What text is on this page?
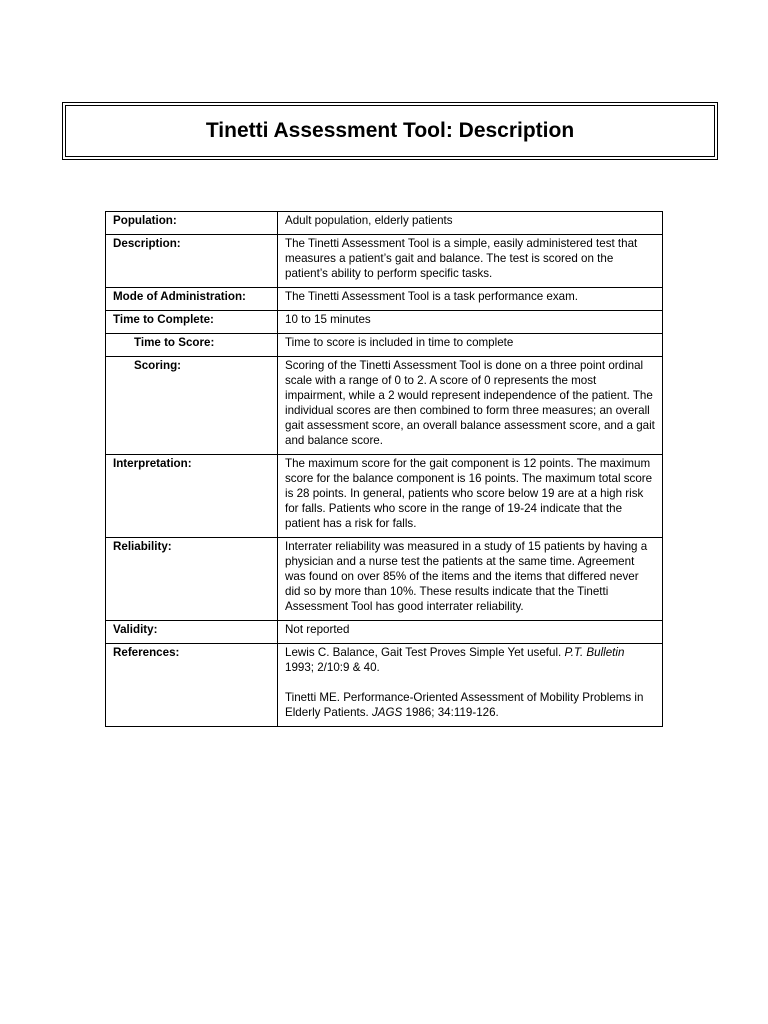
Tinetti Assessment Tool: Description
Population:	Adult population, elderly patients
Description:	The Tinetti Assessment Tool is a simple, easily administered test that measures a patient’s gait and balance. The test is scored on the patient’s ability to perform specific tasks.
Mode of Administration:	The Tinetti Assessment Tool is a task performance exam.
Time to Complete:	10 to 15 minutes
Time to Score:	Time to score is included in time to complete
Scoring:	Scoring of the Tinetti Assessment Tool is done on a three point ordinal scale with a range of 0 to 2. A score of 0 represents the most impairment, while a 2 would represent independence of the patient. The individual scores are then combined to form three measures; an overall gait assessment score, an overall balance assessment score, and a gait and balance score.
Interpretation:	The maximum score for the gait component is 12 points. The maximum score for the balance component is 16 points. The maximum total score is 28 points. In general, patients who score below 19 are at a high risk for falls. Patients who score in the range of 19-24 indicate that the patient has a risk for falls.
Reliability:	Interrater reliability was measured in a study of 15 patients by having a physician and a nurse test the patients at the same time. Agreement was found on over 85% of the items and the items that differed never did so by more than 10%. These results indicate that the Tinetti Assessment Tool has good interrater reliability.
Validity:	Not reported
References:	Lewis C. Balance, Gait Test Proves Simple Yet useful. P.T. Bulletin 1993; 2/10:9 & 40.

Tinetti ME. Performance-Oriented Assessment of Mobility Problems in Elderly Patients. JAGS 1986; 34:119-126.
